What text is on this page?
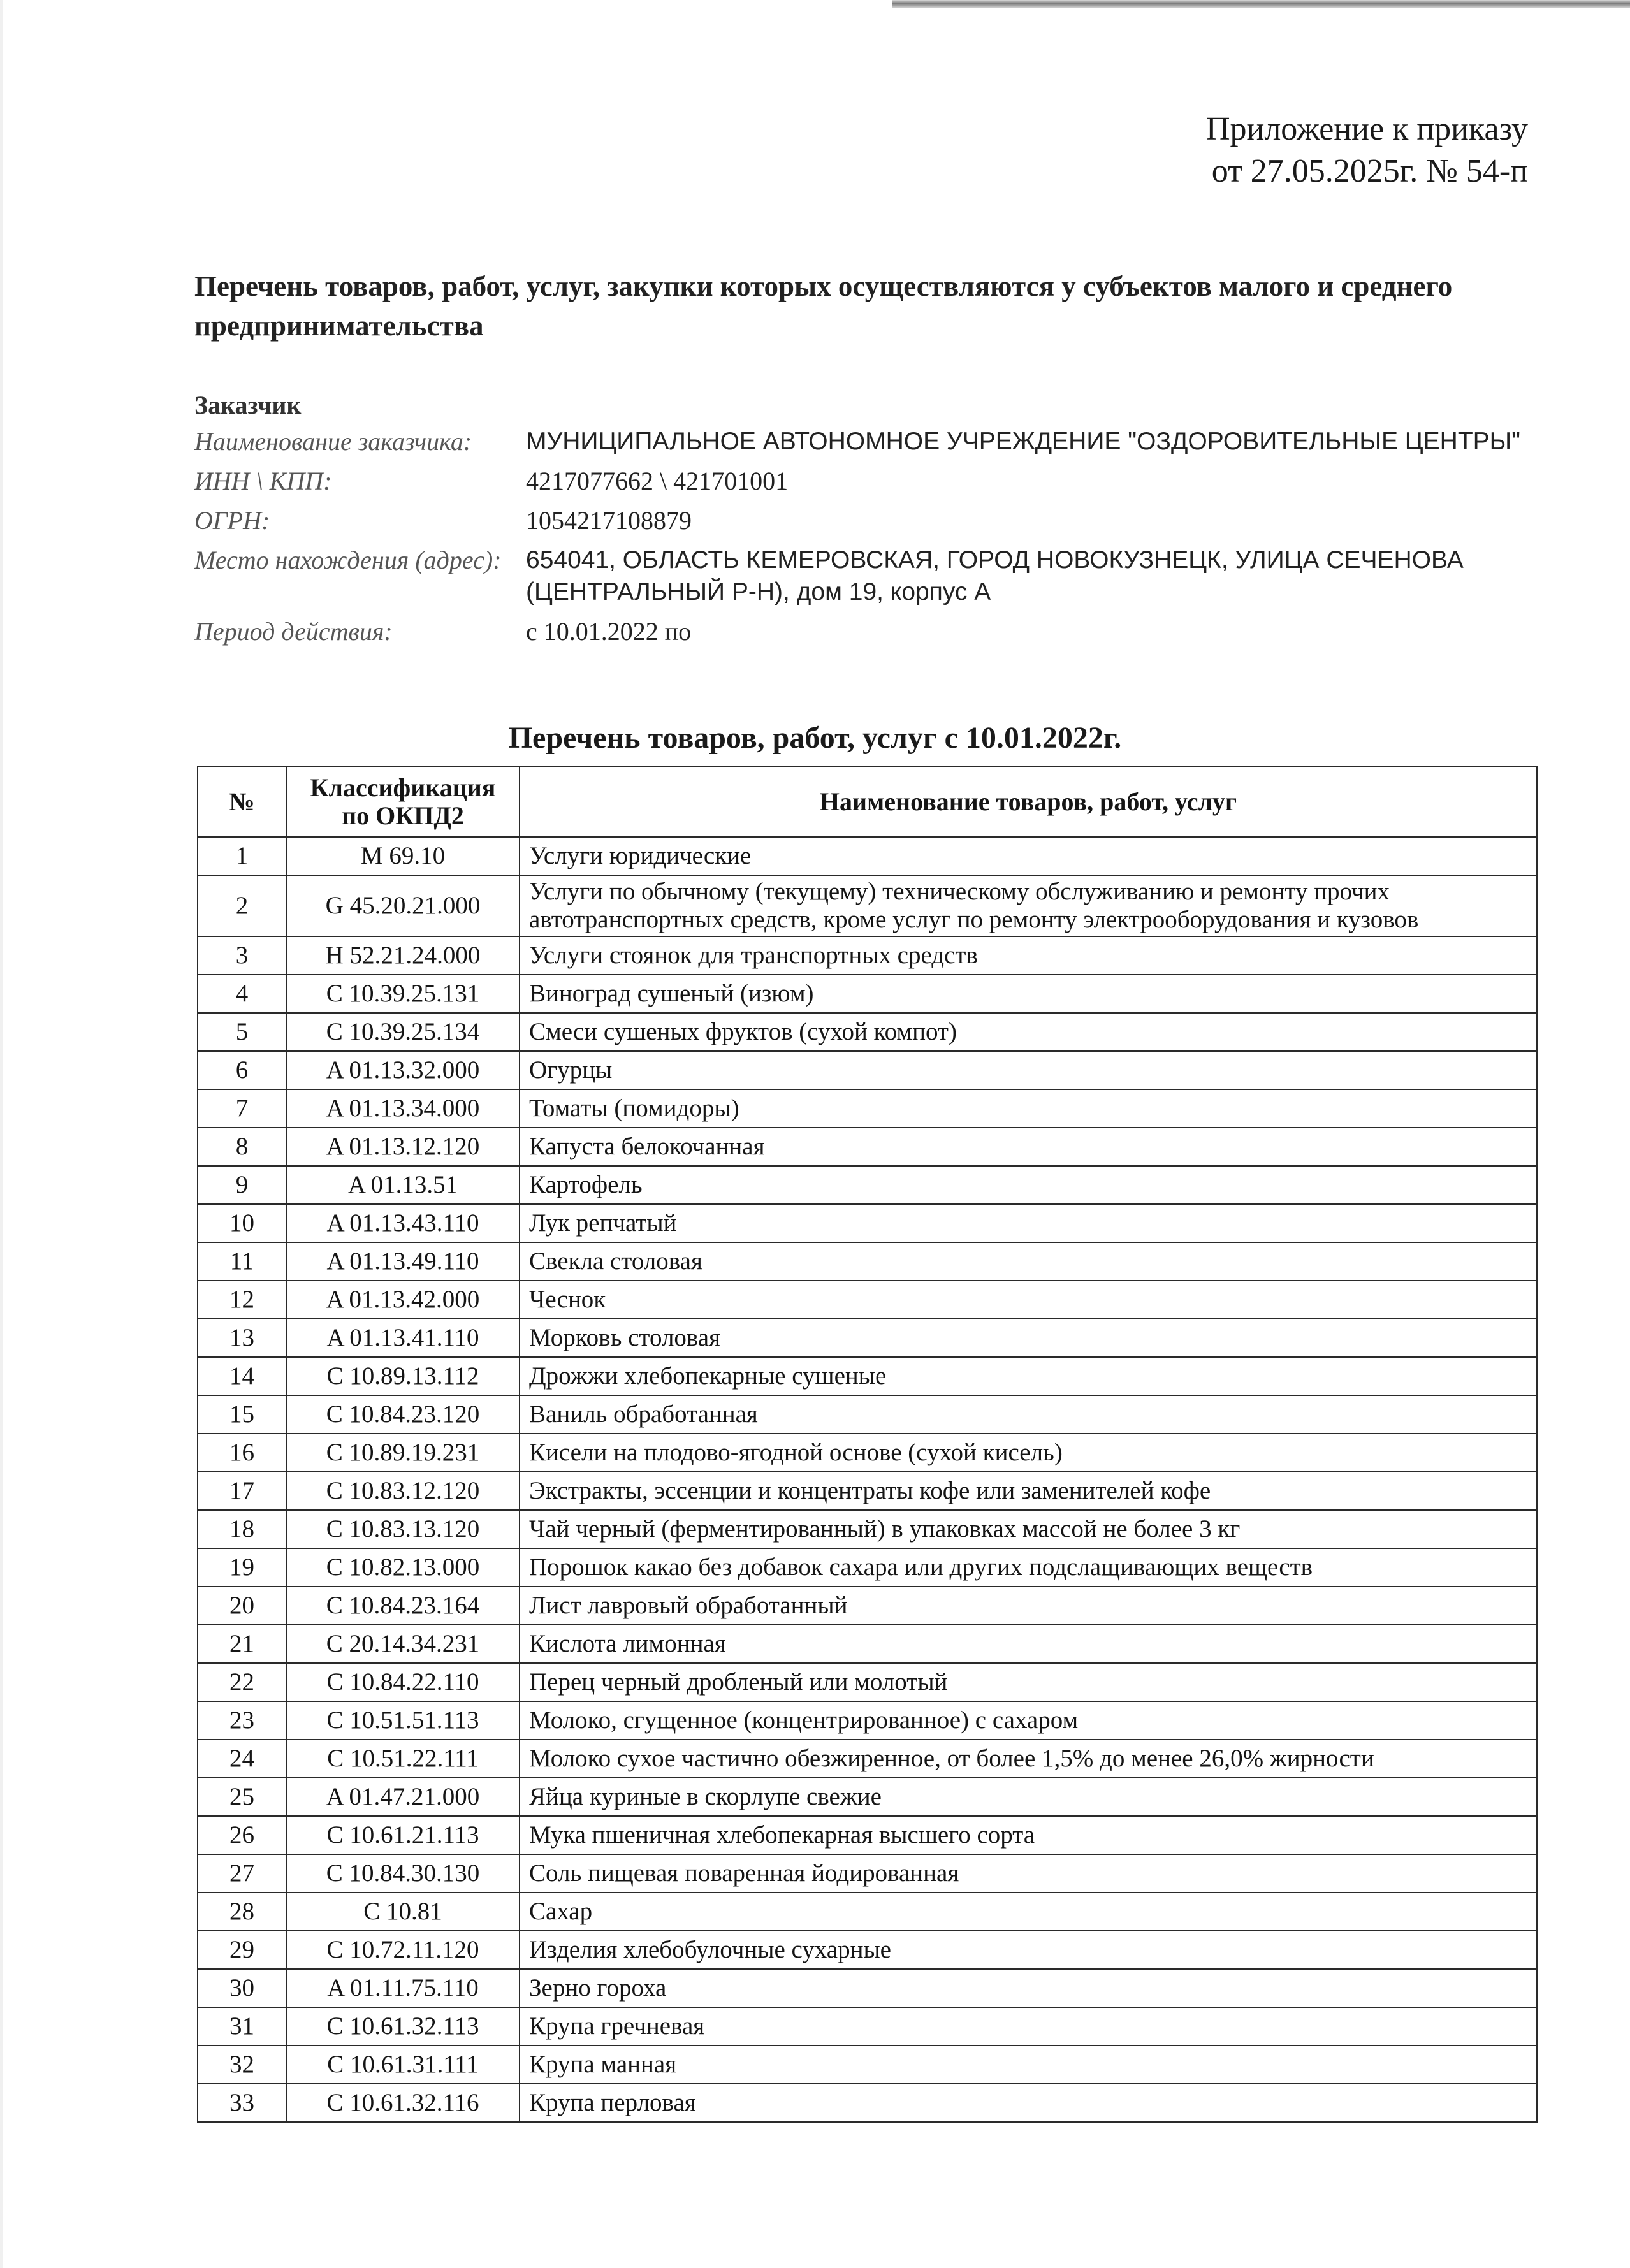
Приложение к приказу
от 27.05.2025г. № 54-п
Перечень товаров, работ, услуг, закупки которых осуществляются у субъектов малого и среднего предпринимательства
Заказчик
Наименование заказчика:	МУНИЦИПАЛЬНОЕ АВТОНОМНОЕ УЧРЕЖДЕНИЕ "ОЗДОРОВИТЕЛЬНЫЕ ЦЕНТРЫ"
ИНН \ КПП:	4217077662 \ 421701001
ОГРН:	1054217108879
Место нахождения (адрес): 654041, ОБЛАСТЬ КЕМЕРОВСКАЯ, ГОРОД НОВОКУЗНЕЦК, УЛИЦА СЕЧЕНОВА (ЦЕНТРАЛЬНЫЙ Р-Н), дом 19, корпус А
Период действия:	с 10.01.2022 по
Перечень товаров, работ, услуг с 10.01.2022г.
№	Классификация по ОКПД2	Наименование товаров, работ, услуг
1	M 69.10	Услуги юридические
2	G 45.20.21.000	Услуги по обычному (текущему) техническому обслуживанию и ремонту прочих автотранспортных средств, кроме услуг по ремонту электрооборудования и кузовов
3	H 52.21.24.000	Услуги стоянок для транспортных средств
4	C 10.39.25.131	Виноград сушеный (изюм)
5	C 10.39.25.134	Смеси сушеных фруктов (сухой компот)
6	A 01.13.32.000	Огурцы
7	A 01.13.34.000	Томаты (помидоры)
8	A 01.13.12.120	Капуста белокочанная
9	A 01.13.51	Картофель
10	A 01.13.43.110	Лук репчатый
11	A 01.13.49.110	Свекла столовая
12	A 01.13.42.000	Чеснок
13	A 01.13.41.110	Морковь столовая
14	C 10.89.13.112	Дрожжи хлебопекарные сушеные
15	C 10.84.23.120	Ваниль обработанная
16	C 10.89.19.231	Кисели на плодово-ягодной основе (сухой кисель)
17	C 10.83.12.120	Экстракты, эссенции и концентраты кофе или заменителей кофе
18	C 10.83.13.120	Чай черный (ферментированный) в упаковках массой не более 3 кг
19	C 10.82.13.000	Порошок какао без добавок сахара или других подслащивающих веществ
20	C 10.84.23.164	Лист лавровый обработанный
21	C 20.14.34.231	Кислота лимонная
22	C 10.84.22.110	Перец черный дробленый или молотый
23	C 10.51.51.113	Молоко, сгущенное (концентрированное) с сахаром
24	C 10.51.22.111	Молоко сухое частично обезжиренное, от более 1,5% до менее 26,0% жирности
25	A 01.47.21.000	Яйца куриные в скорлупе свежие
26	C 10.61.21.113	Мука пшеничная хлебопекарная высшего сорта
27	C 10.84.30.130	Соль пищевая поваренная йодированная
28	C 10.81	Сахар
29	C 10.72.11.120	Изделия хлебобулочные сухарные
30	A 01.11.75.110	Зерно гороха
31	C 10.61.32.113	Крупа гречневая
32	C 10.61.31.111	Крупа манная
33	C 10.61.32.116	Крупа перловая
